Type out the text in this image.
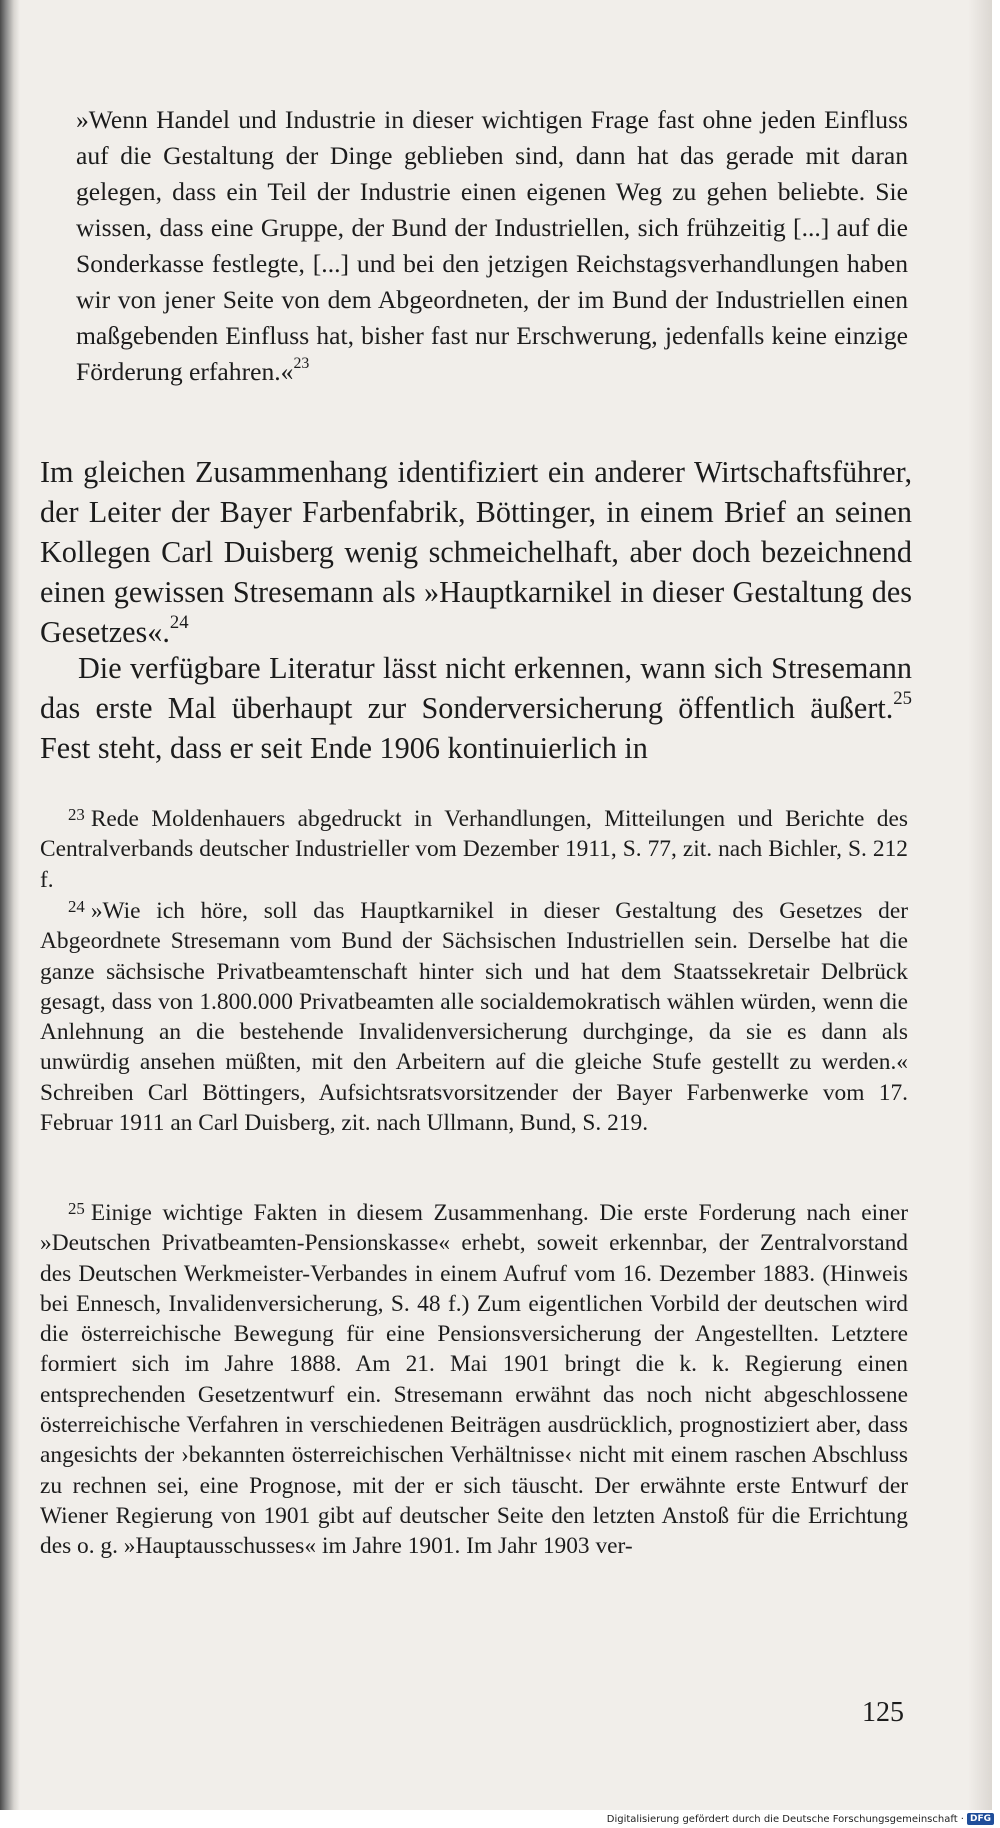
»Wenn Handel und Industrie in dieser wichtigen Frage fast ohne jeden Einfluss auf die Gestaltung der Dinge geblieben sind, dann hat das gerade mit daran gelegen, dass ein Teil der Industrie einen eigenen Weg zu gehen beliebte. Sie wissen, dass eine Gruppe, der Bund der Industriellen, sich frühzeitig [...] auf die Sonderkasse festlegte, [...] und bei den jetzigen Reichstagsverhandlungen haben wir von jener Seite von dem Abgeordneten, der im Bund der Industriellen einen maßgebenden Einfluss hat, bisher fast nur Erschwerung, jedenfalls keine einzige Förderung erfahren.«$^{23}$

Im gleichen Zusammenhang identifiziert ein anderer Wirtschaftsführer, der Leiter der Bayer Farbenfabrik, Böttinger, in einem Brief an seinen Kollegen Carl Duisberg wenig schmeichelhaft, aber doch bezeichnend einen gewissen Stresemann als »Hauptkarnikel in dieser Gestaltung des Gesetzes«.$^{24}$

Die verfügbare Literatur lässt nicht erkennen, wann sich Stresemann das erste Mal überhaupt zur Sonderversicherung öffentlich äußert.$^{25}$ Fest steht, dass er seit Ende 1906 kontinuierlich in

$^{23}$ Rede Moldenhauers abgedruckt in Verhandlungen, Mitteilungen und Berichte des Centralverbands deutscher Industrieller vom Dezember 1911, S. 77, zit. nach Bichler, S. 212 f.

$^{24}$ »Wie ich höre, soll das Hauptkarnikel in dieser Gestaltung des Gesetzes der Abgeordnete Stresemann vom Bund der Sächsischen Industriellen sein. Derselbe hat die ganze sächsische Privatbeamtenschaft hinter sich und hat dem Staatssekretair Delbrück gesagt, dass von 1.800.000 Privatbeamten alle socialdemokratisch wählen würden, wenn die Anlehnung an die bestehende Invalidenversicherung durchginge, da sie es dann als unwürdig ansehen müßten, mit den Arbeitern auf die gleiche Stufe gestellt zu werden.« Schreiben Carl Böttingers, Aufsichtsratsvorsitzender der Bayer Farbenwerke vom 17. Februar 1911 an Carl Duisberg, zit. nach Ullmann, Bund, S. 219.

$^{25}$ Einige wichtige Fakten in diesem Zusammenhang. Die erste Forderung nach einer »Deutschen Privatbeamten-Pensionskasse« erhebt, soweit erkennbar, der Zentralvorstand des Deutschen Werkmeister-Verbandes in einem Aufruf vom 16. Dezember 1883. (Hinweis bei Ennesch, Invalidenversicherung, S. 48 f.) Zum eigentlichen Vorbild der deutschen wird die österreichische Bewegung für eine Pensionsversicherung der Angestellten. Letztere formiert sich im Jahre 1888. Am 21. Mai 1901 bringt die k. k. Regierung einen entsprechenden Gesetzentwurf ein. Stresemann erwähnt das noch nicht abgeschlossene österreichische Verfahren in verschiedenen Beiträgen ausdrücklich, prognostiziert aber, dass angesichts der ›bekannten österreichischen Verhältnisse‹ nicht mit einem raschen Abschluss zu rechnen sei, eine Prognose, mit der er sich täuscht. Der erwähnte erste Entwurf der Wiener Regierung von 1901 gibt auf deutscher Seite den letzten Anstoß für die Errichtung des o. g. »Hauptausschusses« im Jahre 1901. Im Jahr 1903 ver-

125
Digitalisierung gefördert durch die Deutsche Forschungsgemeinschaft · DFG
